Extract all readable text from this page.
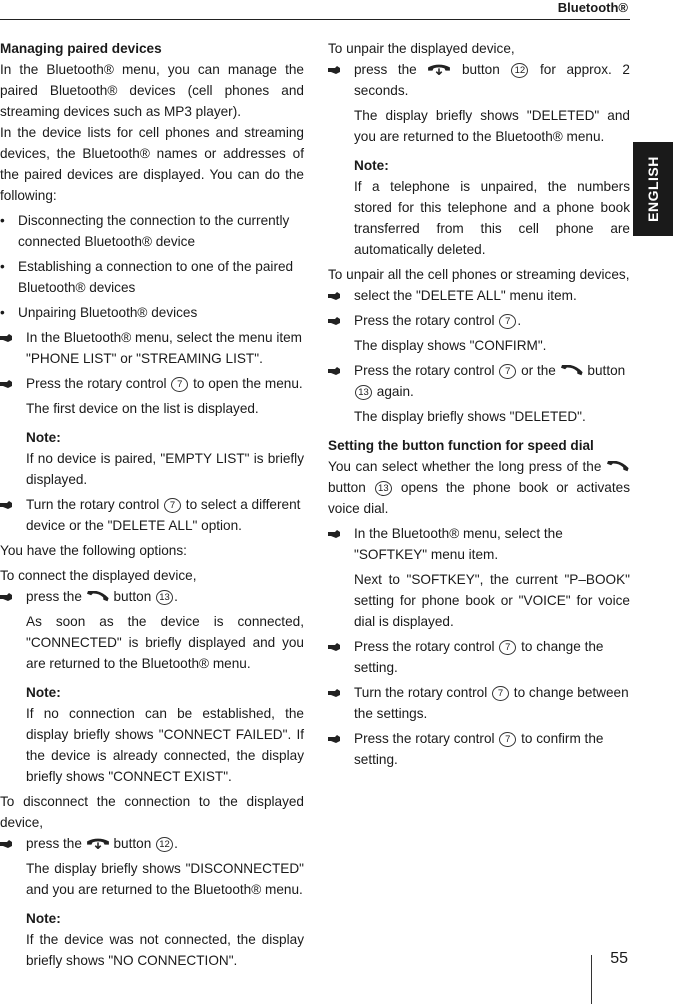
Bluetooth®
ENGLISH

Managing paired devices

In the Bluetooth® menu, you can manage the paired Bluetooth® devices (cell phones and streaming devices such as MP3 player).

In the device lists for cell phones and streaming devices, the Bluetooth® names or addresses of the paired devices are displayed. You can do the following:

• Disconnecting the connection to the currently connected Bluetooth® device
• Establishing a connection to one of the paired Bluetooth® devices
• Unpairing Bluetooth® devices
In the Bluetooth® menu, select the menu item "PHONE LIST" or "STREAMING LIST".
Press the rotary control 7 to open the menu.
The first device on the list is displayed.
Note:

If no device is paired, "EMPTY LIST" is briefly displayed.

Turn the rotary control 7 to select a different device or the "DELETE ALL" option.

You have the following options:

To connect the displayed device,

press the button 13 .

As soon as the device is connected, "CONNECTED" is briefly displayed and you are returned to the Bluetooth® menu.

Note:

If no connection can be established, the display briefly shows "CONNECT FAILED". If the device is already connected, the display briefly shows "CONNECT EXIST".

To disconnect the connection to the displayed device,

press the button 12 .

The display briefly shows "DISCONNECTED" and you are returned to the Bluetooth® menu.

Note:

If the device was not connected, the display briefly shows "NO CONNECTION".

To unpair the displayed device,

press the	button 12 for approx. 2 seconds.

The display briefly shows "DELETED" and you are returned to the Bluetooth® menu.

Note:

If a telephone is unpaired, the numbers stored for this telephone and a phone book transferred from this cell phone are automatically deleted.

To unpair all the cell phones or streaming devices,

select the "DELETE ALL" menu item.
Press the rotary control 7 .
The display shows "CONFIRM".
Press the rotary control 7 or the button 13 again.
The display briefly shows "DELETED".

Setting the button function for speed dial

You can select whether the long press of the  button 13 opens the phone book or activates voice dial.

In the Bluetooth® menu, select the "SOFTKEY" menu item.

Next to "SOFTKEY", the current "P–BOOK" setting for phone book or "VOICE" for voice dial is displayed.

Press the rotary control 7 to change the setting.
Turn the rotary control 7 to change between the settings.
Press the rotary control 7 to confirm the setting.
55
